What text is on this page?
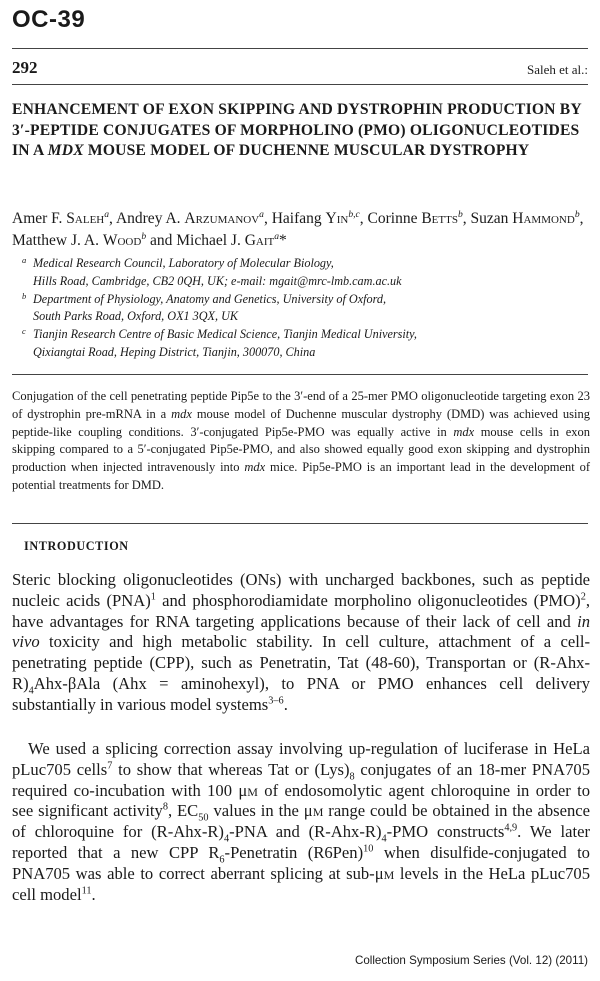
OC-39
292	Saleh et al.:
ENHANCEMENT OF EXON SKIPPING AND DYSTROPHIN PRODUCTION BY 3′-PEPTIDE CONJUGATES OF MORPHOLINO (PMO) OLIGONUCLEOTIDES IN A MDX MOUSE MODEL OF DUCHENNE MUSCULAR DYSTROPHY
Amer F. Saleh$^a$, Andrey A. Arzumanov$^a$, Haifang Yin$^{b,c}$, Corinne Betts$^b$, Suzan Hammond$^b$, Matthew J. A. Wood$^b$ and Michael J. Gait$^a$*
a Medical Research Council, Laboratory of Molecular Biology,
Hills Road, Cambridge, CB2 0QH, UK; e-mail: mgait@mrc-lmb.cam.ac.uk
b Department of Physiology, Anatomy and Genetics, University of Oxford,
South Parks Road, Oxford, OX1 3QX, UK
c Tianjin Research Centre of Basic Medical Science, Tianjin Medical University,
Qixiangtai Road, Heping District, Tianjin, 300070, China

Conjugation of the cell penetrating peptide Pip5e to the 3′-end of a 25-mer PMO oligonucleotide targeting exon 23 of dystrophin pre-mRNA in a mdx mouse model of Duchenne muscular dystrophy (DMD) was achieved using peptide-like coupling conditions. 3′-conjugated Pip5e-PMO was equally active in mdx mouse cells in exon skipping compared to a 5′-conjugated Pip5e-PMO, and also showed equally good exon skipping and dystrophin production when injected intravenously into mdx mice. Pip5e-PMO is an important lead in the development of potential treatments for DMD.

INTRODUCTION

Steric blocking oligonucleotides (ONs) with uncharged backbones, such as peptide nucleic acids (PNA)$^1$ and phosphorodiamidate morpholino oligonucleotides (PMO)$^2$, have advantages for RNA targeting applications because of their lack of cell and in vivo toxicity and high metabolic stability. In cell culture, attachment of a cell-penetrating peptide (CPP), such as Penetratin, Tat (48-60), Transportan or $(R-Ahx-R)_4Ahx$-βAla (Ahx = aminohexyl), to PNA or PMO enhances cell delivery substantially in various model systems$^{3-6}$.

We used a splicing correction assay involving up-regulation of luciferase in HeLa pLuc705 cells$^7$ to show that whereas Tat or $(Lys)_8$ conjugates of an 18-mer PNA705 required co-incubation with 100 μm of endosomolytic agent chloroquine in order to see significant activity$^8$, $EC_{50}$ values in the μm range could be obtained in the absence of chloroquine for $(R-Ahx-R)_4$-PNA and $(R-Ahx-R)_4$-PMO constructs$^{4,9}$. We later reported that a new CPP $R_6$-Penetratin $(R6Pen)^{10}$ when disulfide-conjugated to PNA705 was able to correct aberrant splicing at sub-μm levels in the HeLa pLuc705 cell model$^{11}$.

Collection Symposium Series (Vol. 12) (2011)
